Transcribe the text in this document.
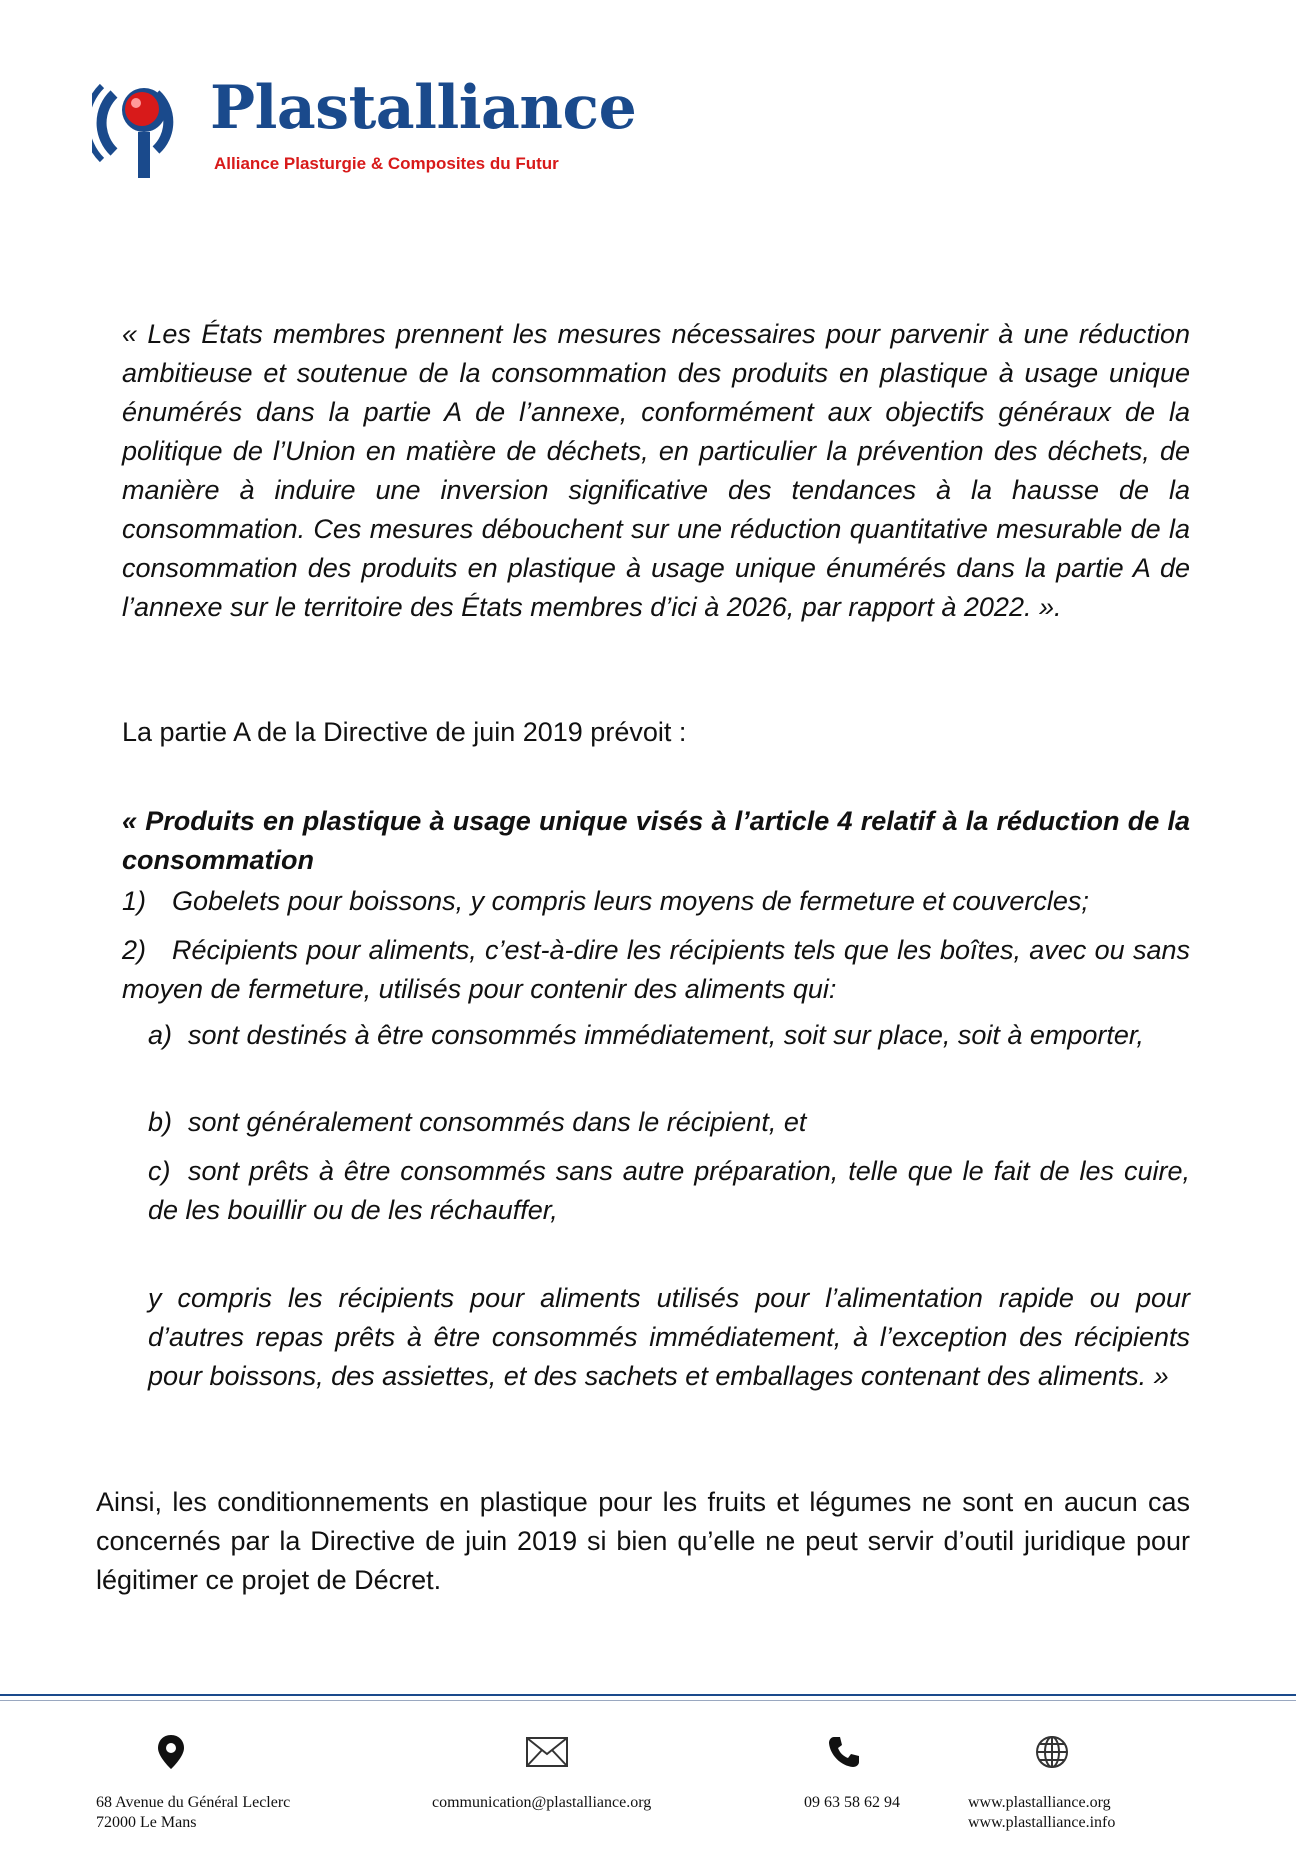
Plastalliance
Alliance Plasturgie & Composites du Futur

« Les États membres prennent les mesures nécessaires pour parvenir à une réduction ambitieuse et soutenue de la consommation des produits en plastique à usage unique énumérés dans la partie A de l’annexe, conformément aux objectifs généraux de la politique de l’Union en matière de déchets, en particulier la prévention des déchets, de manière à induire une inversion significative des tendances à la hausse de la consommation. Ces mesures débouchent sur une réduction quantitative mesurable de la consommation des produits en plastique à usage unique énumérés dans la partie A de l’annexe sur le territoire des États membres d’ici à 2026, par rapport à 2022. ».

La partie A de la Directive de juin 2019 prévoit :

« Produits en plastique à usage unique visés à l’article 4 relatif à la réduction de la consommation

1) Gobelets pour boissons, y compris leurs moyens de fermeture et couvercles;
2) Récipients pour aliments, c’est-à-dire les récipients tels que les boîtes, avec ou sans moyen de fermeture, utilisés pour contenir des aliments qui:
a) sont destinés à être consommés immédiatement, soit sur place, soit à emporter,
b) sont généralement consommés dans le récipient, et
c) sont prêts à être consommés sans autre préparation, telle que le fait de les cuire, de les bouillir ou de les réchauffer,

y compris les récipients pour aliments utilisés pour l’alimentation rapide ou pour d’autres repas prêts à être consommés immédiatement, à l’exception des récipients pour boissons, des assiettes, et des sachets et emballages contenant des aliments. »

Ainsi, les conditionnements en plastique pour les fruits et légumes ne sont en aucun cas concernés par la Directive de juin 2019 si bien qu’elle ne peut servir d’outil juridique pour légitimer ce projet de Décret.

68 Avenue du Général Leclerc
72000 Le Mans
communication@plastalliance.org	09 63 58 62 94	www.plastalliance.org
www.plastalliance.info
